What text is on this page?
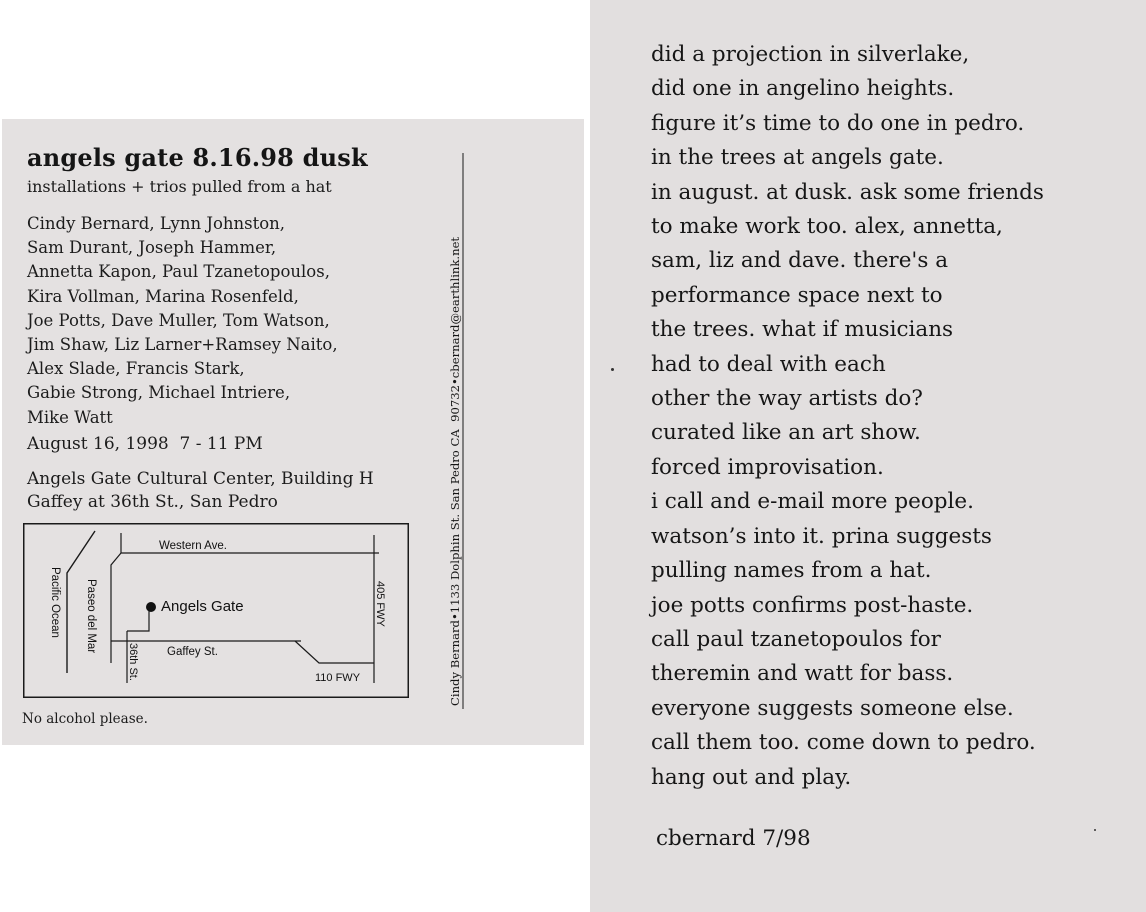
angels gate 8.16.98 dusk
installations + trios pulled from a hat
Cindy Bernard, Lynn Johnston,
Sam Durant, Joseph Hammer,
Annetta Kapon, Paul Tzanetopoulos,
Kira Vollman, Marina Rosenfeld,
Joe Potts, Dave Muller, Tom Watson,
Jim Shaw, Liz Larner+Ramsey Naito,
Alex Slade, Francis Stark,
Gabie Strong, Michael Intriere,
Mike Watt
August 16, 1998  7 - 11 PM
Angels Gate Cultural Center, Building H
Gaffey at 36th St., San Pedro
Western Ave.
Angels Gate
Gaffey St.
110 FWY
Pacific Ocean Paseo del Mar
36th St.
405 FWY
No alcohol please.
Cindy Bernard•1133 Dolphin St. San Pedro CA  90732•cbernard@earthlink.net
did a projection in silverlake,
did one in angelino heights.
figure it’s time to do one in pedro.
in the trees at angels gate.
in august. at dusk. ask some friends
to make work too. alex, annetta,
sam, liz and dave. there's a
performance space next to
the trees. what if musicians
had to deal with each
other the way artists do?
curated like an art show.
forced improvisation.
i call and e-mail more people.
watson’s into it. prina suggests
pulling names from a hat.
joe potts confirms post-haste.
call paul tzanetopoulos for
theremin and watt for bass.
everyone suggests someone else.
call them too. come down to pedro.
hang out and play.
cbernard 7/98
